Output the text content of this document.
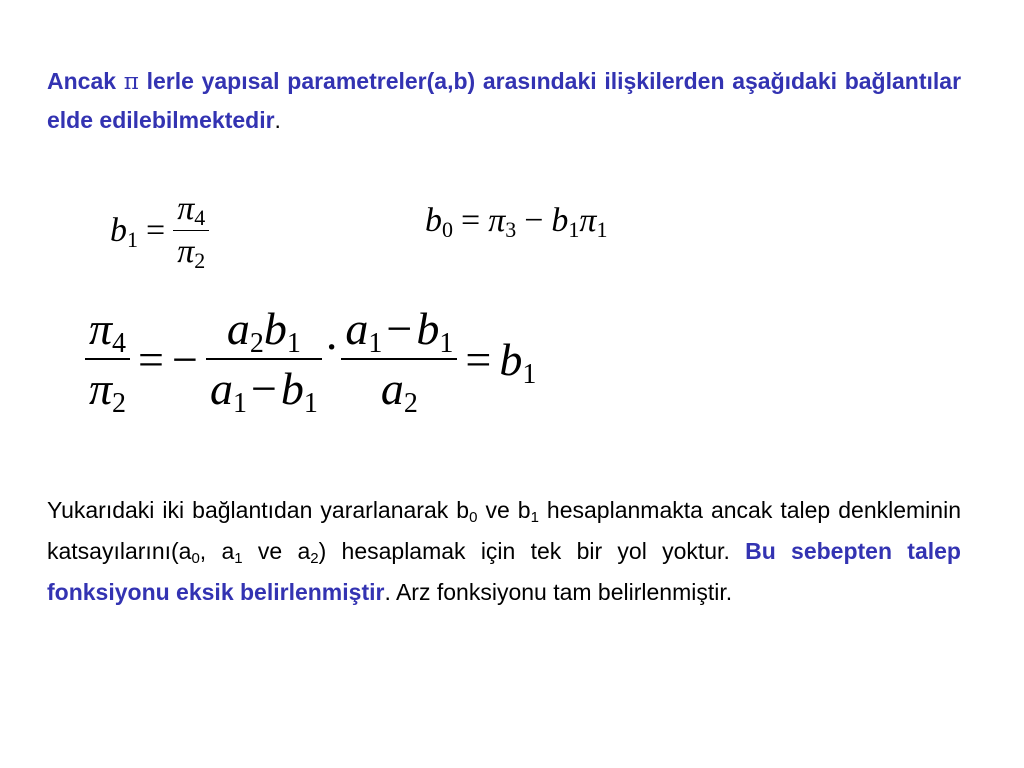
Ancak π lerle yapısal parametreler(a,b) arasındaki ilişkilerden aşağıdaki bağlantılar elde edilebilmektedir.

$b_1 = \frac{\pi_4}{\pi_2}$	$b_0 = \pi_3 - b_1\pi_1$
$\frac{\pi_4}{\pi_2}$ = − $\frac{a_2b_1}{a_1-b_1}$ . $\frac{a_1-b_1}{a_2} = b_1$

Yukarıdaki iki bağlantıdan yararlanarak $b_0$ ve $b_1$ hesaplanmakta ancak talep denkleminin $katsayılarını(a_0$, $a_1$ ve $a_2$) hesaplamak için tek bir yol yoktur. Bu sebepten talep fonksiyonu eksik belirlenmiştir. Arz fonksiyonu tam belirlenmiştir.
